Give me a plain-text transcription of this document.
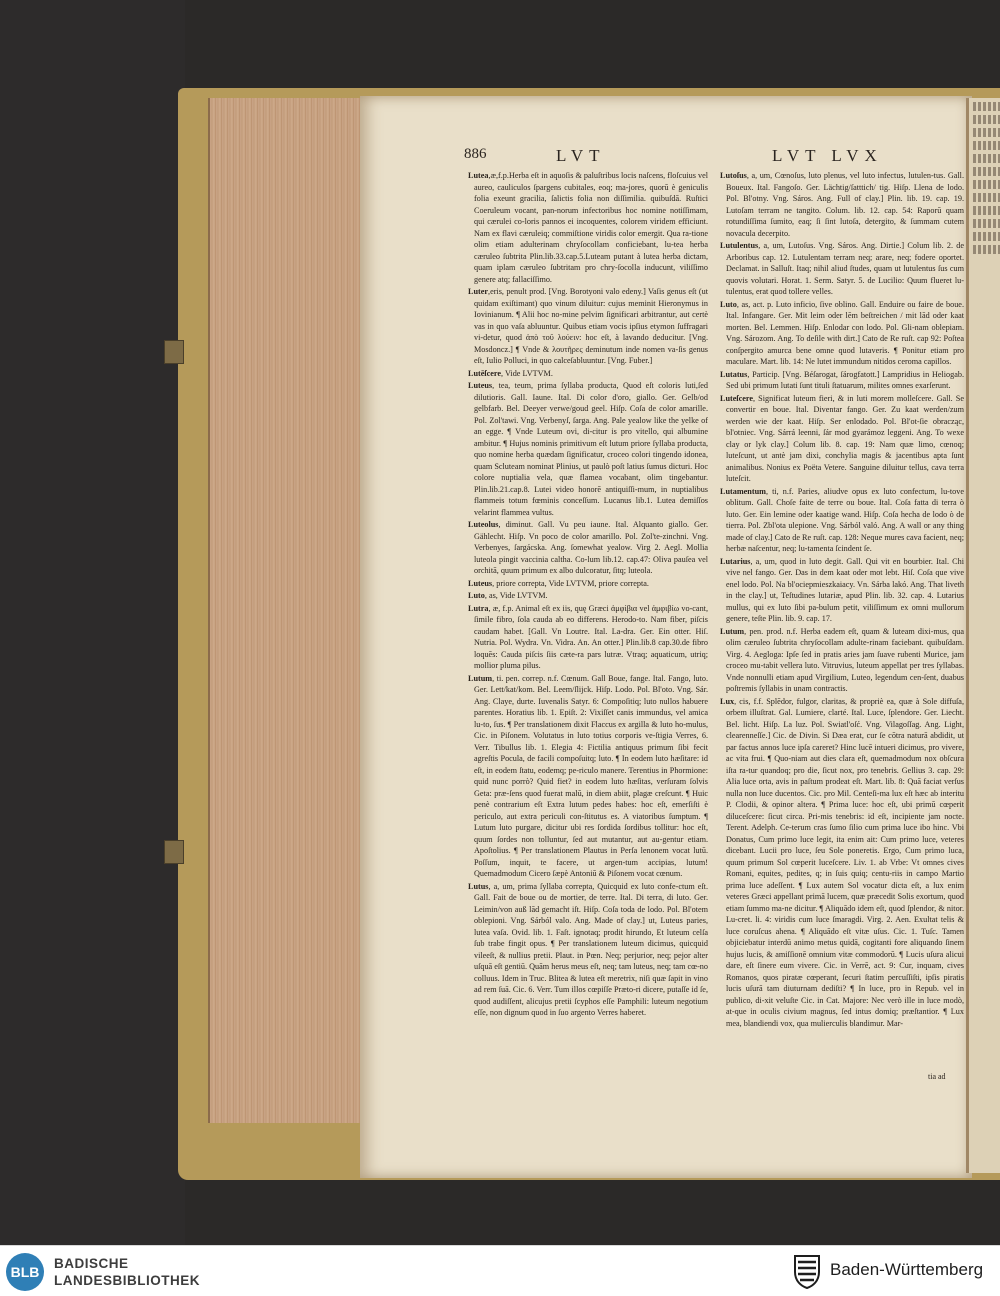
886	LVT	LVT LVX

Lutea,æ,f.p.Herba eſt in aquoſis & paluſtribus locis naſcens, floſcuius vel aureo, cauliculos ſpargens cubitales, eoq; ma-jores, quorū è geniculis folia exeunt gracilia, ſalictis folia non diſſimilia. quibuſdā. Ruſtici Coeruleum vocant, pan-norum infectoribus hoc nomine notiſſimam, qui cærulei co-loris pannos ei incoquentes, colorem viridem efficiunt. Nam ex flavi cæruleiq; commiſtione viridis color emergit. Qua ra-tione olim etiam adulterinam chryſocollam conficiebant, lu-tea herba cæruleo ſubtrita Plin.lib.33.cap.5.Luteam putant à lutea herba dictam, quam iplam cæruleo ſubtritam pro chry-ſocolla inducunt, viliſſimo genere atq; fallaciſſimo.

Luter,eris, penult prod. [Vng. Borotyoni valo edeny.] Vaſis genus eſt (ut quidam exiſtimant) quo vinum diluitur: cujus meminit Hieronymus in Iovinianum. ¶ Alii hoc no-mine pelvim ſignificari arbitrantur, aut certè vas in quo vaſa abluuntur. Quibus etiam vocis ipſius etymon ſuffragari vi-detur, quod ἀπὸ τοῦ λούειν: hoc eſt, à lavando deducitur. [Vng. Mosdoncz.] ¶ Vnde & λουτῆρες deminutum inde nomen va-ſis genus eſt, Iulio Polluci, in quo calceſabluuntur. [Vng. Fuber.]

Lutēſcere, Vide LVTVM.

Luteus, tea, teum, prima ſyllaba producta, Quod eſt coloris luti,ſed dilutioris. Gall. Iaune. Ital. Di color d'oro, giallo. Ger. Gelb/od gelbfarb. Bel. Deeyer verwe/goud geel. Hiſp. Coſa de color amarille. Pol. Zol'tawi. Vng. Verbenyſ, ſarga. Ang. Pale yealow like the yelke of an egge. ¶ Vnde Luteum ovi, di-citur is pro vitello, qui albumine ambitur. ¶ Hujus nominis primitivum eſt lutum priore ſyllaba producta, quo nomine herba quædam ſignificatur, croceo colori tingendo idonea, quam Scluteam nominat Plinius, ut paulò poſt latius ſumus dicturi. Hoc colore nuptialia vela, quæ flamea vocabant, olim tingebantur. Plin.lib.21.cap.8. Lutei video honorē antiquiſſi-mum, in nuptialibus flammeis totum fœminis conceſſum. Lucanus lib.1. Lutea demiſſos velarint flammea vultus.

Luteolus, diminut. Gall. Vu peu iaune. Ital. Alquanto giallo. Ger. Gählecht. Hiſp. Vn poco de color amarillo. Pol. Zol'te-zinchni. Vng. Verbenyes, ſargácska. Ang. ſomewhat yealow. Virg 2. Aegl. Mollia luteola pingit vaccinia caltha. Co-lum lib.12. cap.47: Oliva pauſea vel orchitā, quum primum ex albo dulcoratur, ſitq; luteola.

Luteus, priore correpta, Vide LVTVM, priore correpta.

Luto, as, Vide LVTVM.

Lutra, æ, f.p. Animal eſt ex iis, quę Græci ἀμφίβια vel ἀμφιβίω vo-cant, ſimile fibro, ſola cauda ab eo differens. Herodo-to. Nam fiber, piſcis caudam habet. [Gall. Vn Loutre. Ital. La-dra. Ger. Ein otter. Hiſ. Nutria. Pol. Wydra. Vn. Vidra. An. An otter.] Plin.lib.8 cap.30.de fibro loquēs: Cauda piſcis ſiis cæte-ra pars lutræ. Vtraq; aquaticum, utriq; mollior pluma pilus.

Lutum, ti. pen. correp. n.f. Cœnum. Gall Boue, fange. Ital. Fango, luto. Ger. Lett/kat/kom. Bel. Leem/ſlijck. Hiſp. Lodo. Pol. Bl'oto. Vng. Sár. Ang. Claye, durte. Iuvenalis Satyr. 6: Compoſitiq; luto nullos habuere parentes. Horatius lib. 1. Epiſt. 2: Vixiſſet canis immundus, vel amica lu-to, ſus. ¶ Per translationem dixit Flaccus ex argilla & luto ho-mulus, Cic. in Piſonem. Volutatus in luto totius corporis ve-ſtigia Verres, 6. Verr. Tibullus lib. 1. Elegia 4: Fictilia antiquus primum ſibi fecit agreſtis Pocula, de facili compoſuitq; luto. ¶ In eodem luto hæſitare: id eſt, in eodem ſtatu, eodemq; pe-riculo manere. Terentius in Phormione: quid nunc porrò? Quid fiet? in eodem luto hæſitas, verſuram ſolvis Geta: præ-ſens quod fuerat malū, in diem abiit, plagæ creſcunt. ¶ Huic penè contrarium eſt Extra lutum pedes habes: hoc eſt, emerſiſti è periculo, aut extra periculi con-ſtitutus es. A viatoribus ſumptum. ¶ Lutum luto purgare, dicitur ubi res ſordida ſordibus tollitur: hoc eſt, quum ſordes non tolluntur, ſed aut mutantur, aut au-gentur etiam. Apoſtolius. ¶ Per translationem Plautus in Perſa lenonem vocat lutū. Poſſum, inquit, te facere, ut argen-tum accipias, lutum! Quemadmodum Cicero ſæpè Antoniū & Piſonem vocat cœnum.

Lutus, a, um, prima ſyllaba correpta, Quicquid ex luto confe-ctum eſt. Gall. Fait de boue ou de mortier, de terre. Ital. Di terra, di luto. Ger. Leimin/von auß lād gemacht iſt. Hiſp. Coſa toda de lodo. Pol. Bl'otem oblepioni. Vng. Sárból valo. Ang. Made of clay.] ut, Luteus paries, lutea vaſa. Ovid. lib. 1. Faſt. ignotaq; prodit hirundo, Et luteum celſa ſub trabe fingit opus. ¶ Per translationem luteum dicimus, quicquid vileeſt, & nullius pretii. Plaut. in Pœn. Neq; perjurior, neq; pejor alter uſquā eſt gentiū. Quām herus meus eſt, neq; tam luteus, neq; tam cœ-no colluus. Idem in Truc. Blitea & lutea eſt meretrix, niſi quæ ſapit in vino ad rem ſuā. Cic. 6. Verr. Tum illos cœpiſſe Præto-ri dicere, putaſſe id ſe, quod audiſſent, alicujus pretii ſcyphos eſſe Pamphili: luteum negotium eſſe, non dignum quod in ſuo argento Verres haberet.

Lutoſus, a, um, Cœnoſus, luto plenus, vel luto infectus, lutulen-tus. Gall. Boueux. Ital. Fangoſo. Ger. Lächtig/ſatttich/ tig. Hiſp. Llena de lodo. Pol. Bl'otny. Vng. Sáros. Ang. Full of clay.] Plin. lib. 19. cap. 19. Lutoſam terram ne tangito. Colum. lib. 12. cap. 54: Raporū quam rotundiſſima ſumito, eaq; ſi ſint lutoſa, detergito, & ſummam cutem novacula decerpito.

Lutulentus, a, um, Lutoſus. Vng. Sáros. Ang. Dirtie.] Colum lib. 2. de Arboribus cap. 12. Lutulentam terram neq; arare, neq; fodere oportet. Declamat. in Salluſt. Itaq; nihil aliud ſtudes, quam ut lutulentus ſus cum quovis volutari. Horat. 1. Serm. Satyr. 5. de Lucilio: Quum flueret lu-tulentus, erat quod tollere velles.

Luto, as, act. p. Luto inficio, ſive oblino. Gall. Enduire ou faire de boue. Ital. Infangare. Ger. Mit leim oder lēm beſtreichen / mit lād oder kaat morten. Bel. Lemmen. Hiſp. Enlodar con lodo. Pol. Gli-nam oblepiam. Vng. Sározom. Ang. To deſile with dirt.] Cato de Re ruſt. cap 92: Poſtea conſpergito amurca bene omne quod lutaveris. ¶ Ponitur etiam pro maculare. Mart. lib. 14: Ne lutet immundum nitidos ceroma capillos.

Lutatus, Particip. [Vng. Béſarogat, ſárogfatott.] Lampridius in Heliogab. Sed ubi primum lutati ſunt tituli ſtatuarum, milites omnes exarſerunt.

Luteſcere, Significat luteum fieri, & in luti morem molleſcere. Gall. Se convertir en boue. Ital. Diventar fango. Ger. Zu kaat werden/zum werden wie der kaat. Hiſp. Ser enlodado. Pol. Bl'ot-ſie obracząc, bl'otniec. Vng. Sárrá leenni, ſár mod gyarámoz leggeni. Ang. To wexe clay or lyk clay.] Colum lib. 8. cap. 19: Nam quæ limo, cœnoq; luteſcunt, ut antè jam dixi, conchylia magis & jacentibus apta ſunt animalibus. Nonius ex Poëta Vetere. Sanguine diluitur tellus, cava terra luteſcit.

Lutamentum, ti, n.f. Paries, aliudve opus ex luto confectum, lu-tove oblitum. Gall. Choſe faite de terre ou boue. Ital. Coſa fatta di terra ò luto. Ger. Ein lemine oder kaatige wand. Hiſp. Coſa hecha de lodo ò de tierra. Pol. Zbl'ota ulepione. Vng. Sárból való. Ang. A wall or any thing made of clay.] Cato de Re ruſt. cap. 128: Neque mures cava facient, neq; herbæ naſcentur, neq; lu-tamenta ſcindent ſe.

Lutarius, a, um, quod in luto degit. Gall. Qui vit en bourbier. Ital. Chi vive nel fango. Ger. Das in dem kaat oder mot lebt. Hiſ. Coſa que vive enel lodo. Pol. Na bl'ociepmieszkaiacy. Vn. Sárba lakó. Ang. That liveth in the clay.] ut, Teſtudines lutariæ, apud Plin. lib. 32. cap. 4. Lutarius mullus, qui ex luto ſibi pa-bulum petit, viliſſimum ex omni mullorum genere, teſte Plin. lib. 9. cap. 17.

Lutum, pen. prod. n.f. Herba eadem eſt, quam & luteam dixi-mus, qua olim cæruleo ſubtrita chryſocollam adulte-rinam faciebant. quibuſdam. Virg. 4. Aegloga: Ipſe ſed in pratis aries jam ſuave rubenti Murice, jam croceo mu-tabit vellera luto. Vitruvius, luteum appellat per tres ſyllabas. Vnde nonnulli etiam apud Virgilium, Luteo, legendum cen-ſent, duabus poſtremis ſyllabis in unam contractis.

Lux, cis, f.f. Splēdor, fulgor, claritas, & propriè ea, quæ à Sole diffuſa, orbem illuſtrat. Gal. Lumiere, clarté. Ital. Luce, ſplendore. Ger. Liecht. Bel. licht. Hiſp. La luz. Pol. Swiatl'oſć. Vng. Vilagoſſag. Ang. Light, clearenneſſe.] Cic. de Divin. Si Dæa erat, cur ſe cōtra naturā abdidit, ut par factus annos luce ipſa careret? Hinc lucē intueri dicimus, pro vivere, ac vita frui. ¶ Quo-niam aut dies clara eſt, quemadmodum nox obſcura iſta ra-tur quandoq; pro die, ſicut nox, pro tenebris. Gellius 3. cap. 29: Alia luce orta, avis in paſtum prodeat eſt. Mart. lib. 8: Quā faciat verſus nulla non luce ducentos. Cic. pro Mil. Centeſi-ma lux eſt hæc ab interitu P. Clodii, & opinor altera. ¶ Prima luce: hoc eſt, ubi primū cœperit diluceſcere: ſicut circa. Pri-mis tenebris: id eſt, incipiente jam nocte. Terent. Adelph. Ce-terum cras ſumo ſilio cum prima luce ibo hinc. Vbi Donatus, Cum primo luce legit, ita enim ait: Cum primo luce, veteres dicebant. Lucii pro luce, ſeu Sole poneretis. Ergo, Cum primo luca, quum primum Sol cœperit luceſcere. Liv. 1. ab Vrbe: Vt omnes cives Romani, equites, pedites, q; in ſuis quiq; centu-riis in campo Martio prima luce adeſſent. ¶ Lux autem Sol vocatur dicta eſt, a lux enim veteres Græci appellant primā lucem, quæ præcedit Solis exortum, quod etiam ſummo ma-ne dicitur. ¶ Aliquādo idem eſt, quod ſplendor, & nitor. Lu-cret. li. 4: viridis cum luce ſmaragdi. Virg. 2. Aen. Exultat telis & luce coruſcus ahena. ¶ Aliquādo eſt vitæ uſus. Cic. 1. Tuſc. Tamen objiciebatur interdū animo metus quidā, cogitanti fore aliquando ſinem hujus lucis, & amiſſionē omnium vitæ commodorū. ¶ Lucis uſura alicui dare, eſt ſinere eum vivere. Cic. in Verrē, act. 9: Cur, inquam, cives Romanos, quos piratæ cœperant, ſecuri ſtatim percuſſiſti, ipſis piratis lucis uſurā tam diuturnam dediſti? ¶ In luce, pro in Repub. vel in publico, di-xit veluſte Cic. in Cat. Majore: Nec verò ille in luce modò, at-que in oculis civium magnus, ſed intus domiq; præſtantior. ¶ Lux mea, blandiendi vox, qua mulierculis blandimur. Mar-

tia ad
BLB
BADISCHE
LANDESBIBLIOTHEK
Baden-Württemberg
